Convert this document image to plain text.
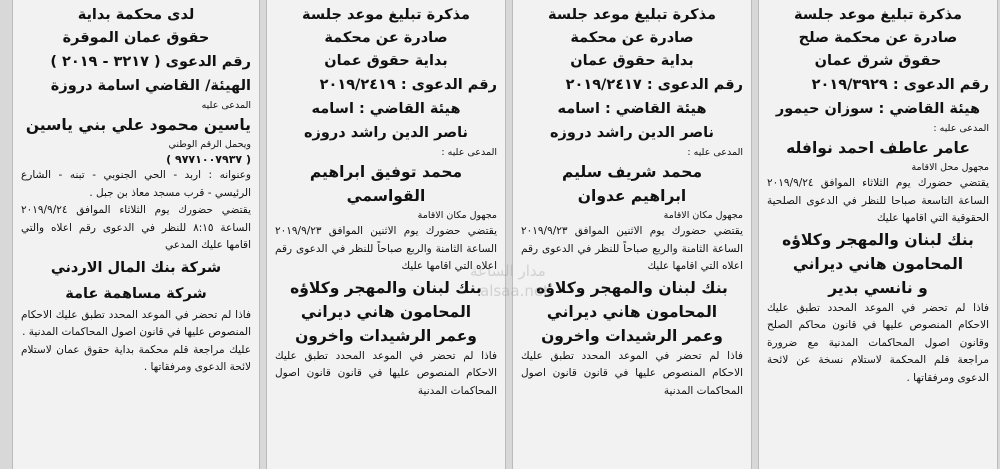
مذكرة تبليغ موعد جلسة
صادرة عن محكمة صلح
حقوق شرق عمان
رقم الدعوى : ٢٠١٩/٣٩٢٩
هيئة القاضي : سوزان حيمور
المدعى عليه :
عامر عاطف احمد نوافله
مجهول محل الاقامة
يقتضي حضورك يوم الثلاثاء الموافق ٢٠١٩/٩/٢٤ الساعة التاسعة صباحا للنظر في الدعوى الصلحية الحقوقية التي اقامها عليك
بنك لبنان والمهجر وكلاؤه
المحامون هاني ديراني
و نانسي بدير
فاذا لم تحضر في الموعد المحدد تطبق عليك الاحكام المنصوص عليها في قانون محاكم الصلح وقانون اصول المحاكمات المدنية مع ضرورة مراجعة قلم المحكمة لاستلام نسخة عن لائحة الدعوى ومرفقاتها .
مذكرة تبليغ موعد جلسة
صادرة عن محكمة
بداية حقوق عمان
رقم الدعوى : ٢٠١٩/٢٤١٧
هيئة القاضي : اسامه
ناصر الدين راشد دروزه
المدعى عليه :
محمد شريف سليم
ابراهيم عدوان
مجهول مكان الاقامة
يقتضي حضورك يوم الاثنين الموافق ٢٠١٩/٩/٢٣ الساعة الثامنة والربع صباحاً للنظر في الدعوى رقم اعلاه التي اقامها عليك
بنك لبنان والمهجر وكلاؤه
المحامون هاني ديراني
وعمر الرشيدات واخرون
فاذا لم تحضر في الموعد المحدد تطبق عليك الاحكام المنصوص عليها في قانون قانون اصول المحاكمات المدنية
مذكرة تبليغ موعد جلسة
صادرة عن محكمة
بداية حقوق عمان
رقم الدعوى : ٢٠١٩/٢٤١٩
هيئة القاضي : اسامه
ناصر الدين راشد دروزه
المدعى عليه :
محمد توفيق ابراهيم
القواسمي
مجهول مكان الاقامة
يقتضي حضورك يوم الاثنين الموافق ٢٠١٩/٩/٢٣ الساعة الثامنة والربع صباحاً للنظر في الدعوى رقم اعلاه التي اقامها عليك
بنك لبنان والمهجر وكلاؤه
المحامون هاني ديراني
وعمر الرشيدات واخرون
فاذا لم تحضر في الموعد المحدد تطبق عليك الاحكام المنصوص عليها في قانون قانون اصول المحاكمات المدنية
لدى محكمة بداية
حقوق عمان الموقرة
رقم الدعوى ( ٣٢١٧ - ٢٠١٩ )
الهيئة/ القاضي اسامة دروزة
المدعى عليه
ياسين محمود علي بني ياسين
ويحمل الرقم الوطني
( ٩٧٧١٠٠٧٩٣٧ )
وعنوانه : اربد - الحي الجنوبي - تبنه - الشارع الرئيسي - قرب مسجد معاذ بن جبل .
يقتضي حضورك يوم الثلاثاء الموافق ٢٠١٩/٩/٢٤ الساعة ٨:١٥ للنظر في الدعوى رقم اعلاه والتي اقامها عليك المدعي
شركة بنك المال الاردني
شركة مساهمة عامة
فاذا لم تحضر في الموعد المحدد تطبق عليك الاحكام المنصوص عليها في قانون اصول المحاكمات المدنية .
عليك مراجعة قلم محكمة بداية حقوق عمان لاستلام لائحة الدعوى ومرفقاتها .
مدار الساعة
alsaa.net
